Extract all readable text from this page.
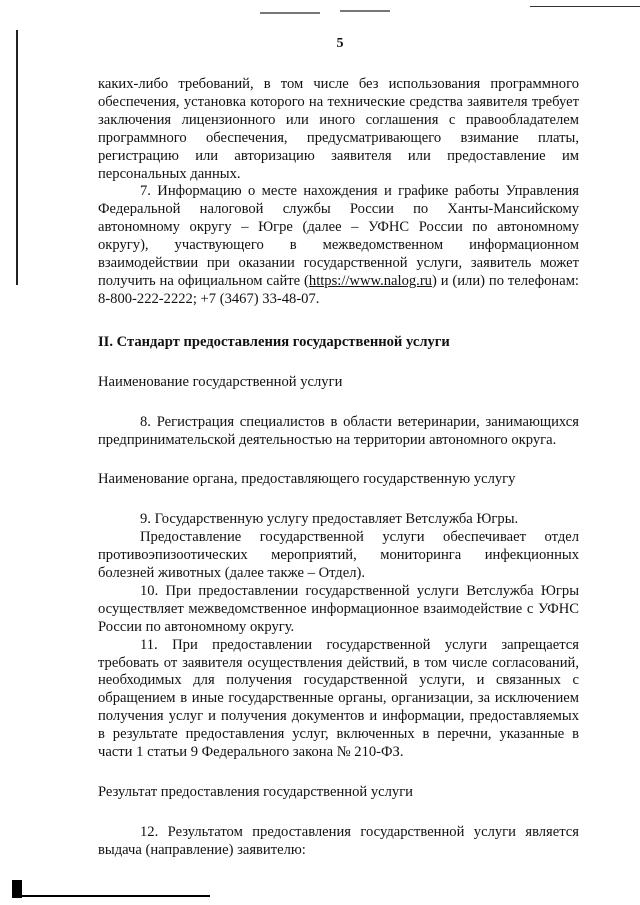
5

каких-либо требований, в том числе без использования программного обеспечения, установка которого на технические средства заявителя требует заключения лицензионного или иного соглашения с правообладателем программного обеспечения, предусматривающего взимание платы, регистрацию или авторизацию заявителя или предоставление им персональных данных.

7. Информацию о месте нахождения и графике работы Управления Федеральной налоговой службы России по Ханты-Мансийскому автономному округу – Югре (далее – УФНС России по автономному округу), участвующего в межведомственном информационном взаимодействии при оказании государственной услуги, заявитель может получить на официальном сайте (https://www.nalog.ru) и (или) по телефонам: 8-800-222-2222; +7 (3467) 33-48-07.

II. Стандарт предоставления государственной услуги

Наименование государственной услуги

8. Регистрация специалистов в области ветеринарии, занимающихся предпринимательской деятельностью на территории автономного округа.

Наименование органа, предоставляющего государственную услугу

9. Государственную услугу предоставляет Ветслужба Югры.

Предоставление государственной услуги обеспечивает отдел противоэпизоотических мероприятий, мониторинга инфекционных болезней животных (далее также – Отдел).

10. При предоставлении государственной услуги Ветслужба Югры осуществляет межведомственное информационное взаимодействие с УФНС России по автономному округу.

11. При предоставлении государственной услуги запрещается требовать от заявителя осуществления действий, в том числе согласований, необходимых для получения государственной услуги, и связанных с обращением в иные государственные органы, организации, за исключением получения услуг и получения документов и информации, предоставляемых в результате предоставления услуг, включенных в перечни, указанные в части 1 статьи 9 Федерального закона № 210-ФЗ.

Результат предоставления государственной услуги

12. Результатом предоставления государственной услуги является выдача (направление) заявителю:
